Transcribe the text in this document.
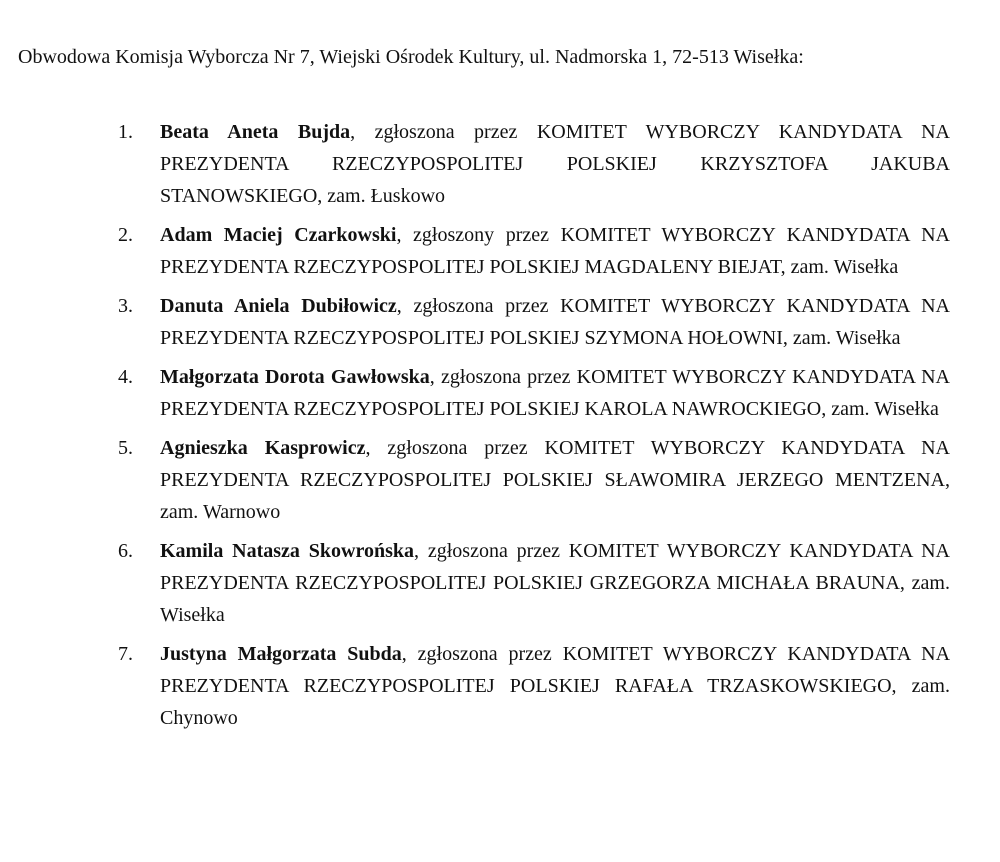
Obwodowa Komisja Wyborcza Nr 7, Wiejski Ośrodek Kultury, ul. Nadmorska 1, 72-513 Wisełka:
1. Beata Aneta Bujda, zgłoszona przez KOMITET WYBORCZY KANDYDATA NA PREZYDENTA RZECZYPOSPOLITEJ POLSKIEJ KRZYSZTOFA JAKUBA STANOWSKIEGO, zam. Łuskowo
2. Adam Maciej Czarkowski, zgłoszony przez KOMITET WYBORCZY KANDYDATA NA PREZYDENTA RZECZYPOSPOLITEJ POLSKIEJ MAGDALENY BIEJAT, zam. Wisełka
3. Danuta Aniela Dubiłowicz, zgłoszona przez KOMITET WYBORCZY KANDYDATA NA PREZYDENTA RZECZYPOSPOLITEJ POLSKIEJ SZYMONA HOŁOWNI, zam. Wisełka
4. Małgorzata Dorota Gawłowska, zgłoszona przez KOMITET WYBORCZY KANDYDATA NA PREZYDENTA RZECZYPOSPOLITEJ POLSKIEJ KAROLA NAWROCKIEGO, zam. Wisełka
5. Agnieszka Kasprowicz, zgłoszona przez KOMITET WYBORCZY KANDYDATA NA PREZYDENTA RZECZYPOSPOLITEJ POLSKIEJ SŁAWOMIRA JERZEGO MENTZENA, zam. Warnowo
6. Kamila Natasza Skowrońska, zgłoszona przez KOMITET WYBORCZY KANDYDATA NA PREZYDENTA RZECZYPOSPOLITEJ POLSKIEJ GRZEGORZA MICHAŁA BRAUNA, zam. Wisełka
7. Justyna Małgorzata Subda, zgłoszona przez KOMITET WYBORCZY KANDYDATA NA PREZYDENTA RZECZYPOSPOLITEJ POLSKIEJ RAFAŁA TRZASKOWSKIEGO, zam. Chynowo
